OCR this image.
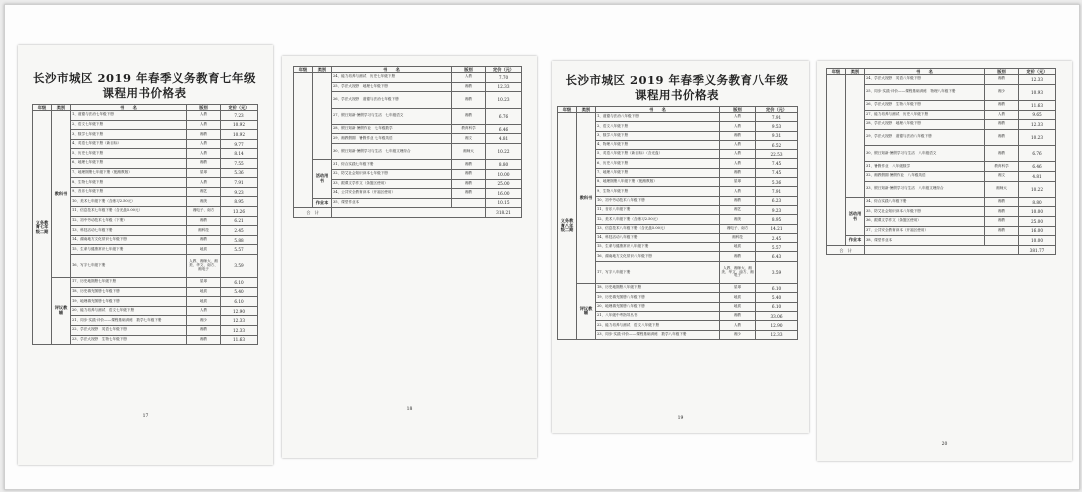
长沙市城区 2019 年春季义务教育七年级
课程用书价格表
年级	类别	书　　名	版别	定价（元）
义务教育七年级二期	教科书	1、道德与法治七年级下册	人教	7.23
		2、语文七年级下册	人教	10.92
		3、数学七年级下册	湘教	10.92
		4、英语七年级下册（新目标）	人教	9.77
		5、历史七年级下册	人教	8.14
		6、地理七年级下册	湘教	7.55
		7、地理图册七年级下册（配湘教版）	星球	5.36
		8、生物七年级下册	人教	7.91
		9、音乐七年级下册	湘艺	9.23
		10、美术七年级下册（含练习2.50元）	湘美	8.95
		11、信息技术七年级下册（含光盘5.00元）	湘电子、南方	13.26
		12、初中劳动技术七年级（下册）	湘教	6.21
		13、科技活动七年级下册	湘科技	2.45
		14、湖南地方文化常识七年级下册	湘教	5.88
		15、生命与健康常识七年级下册	地质	5.57
		16、写字七年级下册	人教、湘师大、湘美、华文、南方、湘电子	3.59
	评议教辅	17、历史地图册七年级下册	星球	6.10
		18、历史填充图册七年级下册	地质	5.40
		19、地理填充图册七年级下册	地质	6.10
		20、能力培养与测试　语文七年级下册	人教	12.90
		21、同步·实践·评价——课程基础训练　数学七年级下册	湘少	12.33
		22、学法大视野　英语七年级下册	湘教	12.33
		23、学法大视野　生物七年级下册	湘教	11.63
17
年级	类别	书　　名	版别	定价（元）
		24、能力培养与测试　历史七年级下册	人教	7.70
		25、学法大视野　地理七年级下册	湘教	12.33
		26、学法大视野　道德与法治七年级下册	湘教	10.23
		27、假日知新·暑假学习与生活　七年级语文	湘教	6.76
		28、假日知新 暑假作业　七年级数学	教育科学	6.46
		29、湘教假期　暑假作业 七年级英语	湘文	4.81
		30、假日知新·暑假学习与生活　七年级文理综合	湘师大	10.22
	活动用书	31、综合实践七年级下册	湘教	8.80
		32、防艾社会知识读本七年级下册	湘教	10.00
		33、跟课文学作文（条篮区使用）	湘教	25.00
		34、公共安全教育读本（开福区使用）	湘教	16.00
	作业本	35、课堂作业本		10.15
合　计				318.21
18
长沙市城区 2019 年春季义务教育八年级
课程用书价格表
年级	类别	书　　名	版别	定价（元）
义务教育八年级二期	教科书	1、道德与法治八年级下册	人教	7.91
		2、语文八年级下册	人教	9.53
		3、数学八年级下册	湘教	9.31
		4、物理八年级下册	人教	6.52
		5、英语八年级下册（新目标）（含光盘）	人教	22.53
		6、历史八年级下册	人教	7.45
		7、地理八年级下册	湘教	7.45
		8、地理图册八年级下册（配湘教版）	星球	5.36
		9、生物八年级下册	人教	7.91
		10、初中劳动技术八年级下册	湘教	6.23
		11、音乐八年级下册	湘艺	9.23
		12、美术八年级下册（含练习2.50元）	湘美	8.95
		13、信息技术八年级下册（含光盘5.00元）	湘电子、南方	14.21
		14、科技活动八年级下册	湘科技	2.45
		15、生命与健康常识八年级下册	地质	5.57
		16、湖南地方文化常识八年级下册	湘教	6.43
		17、写字八年级下册	人教、湘师大、湘美、华文、南方、湘电子	3.59
	评议教辅	18、历史地图册八年级下册	星球	6.10
		19、历史填充图册八年级下册	地质	5.40
		20、地理填充图册八年级下册	地质	6.10
		21、八年级中考指导丛书	湘教	33.06
		22、能力培养与测试　语文八年级下册	人教	12.90
		23、同步·实践·评价——课程基础训练　数学八年级下册	湘少	12.33
19
年级	类别	书　　名	版别	定价（元）
		24、学法大视野　英语八年级下册	湘教	12.33
		25、同步·实践·评价——课程基础训练　物理八年级下册	湘少	10.93
		26、学法大视野　生物八年级下册	湘教	11.63
		27、能力培养与测试　历史八年级下册	人教	9.65
		28、学法大视野　地理八年级下册	湘教	12.33
		29、学法大视野　道德与法治八年级下册	湘教	10.23
		30、假日知新·暑假学习与生活　八年级语文	湘教	6.76
		31、暑假作业　八年级数学	教育科学	6.46
		32、湘教假期 暑假作业　八年级英语	湘文	4.81
		33、假日知新·暑假学习与生活　八年级文理综合	湘师大	10.22
	活动用书	34、综合实践八年级下册	湘教	8.80
		35、防艾社会知识读本八年级下册	湘教	10.00
		36、跟课文学作文（条篮区使用）	湘教	25.00
		37、公共安全教育读本（开福区使用）	湘教	16.00
	作业本	38、课堂作业本		10.00
合　计				381.77
20
